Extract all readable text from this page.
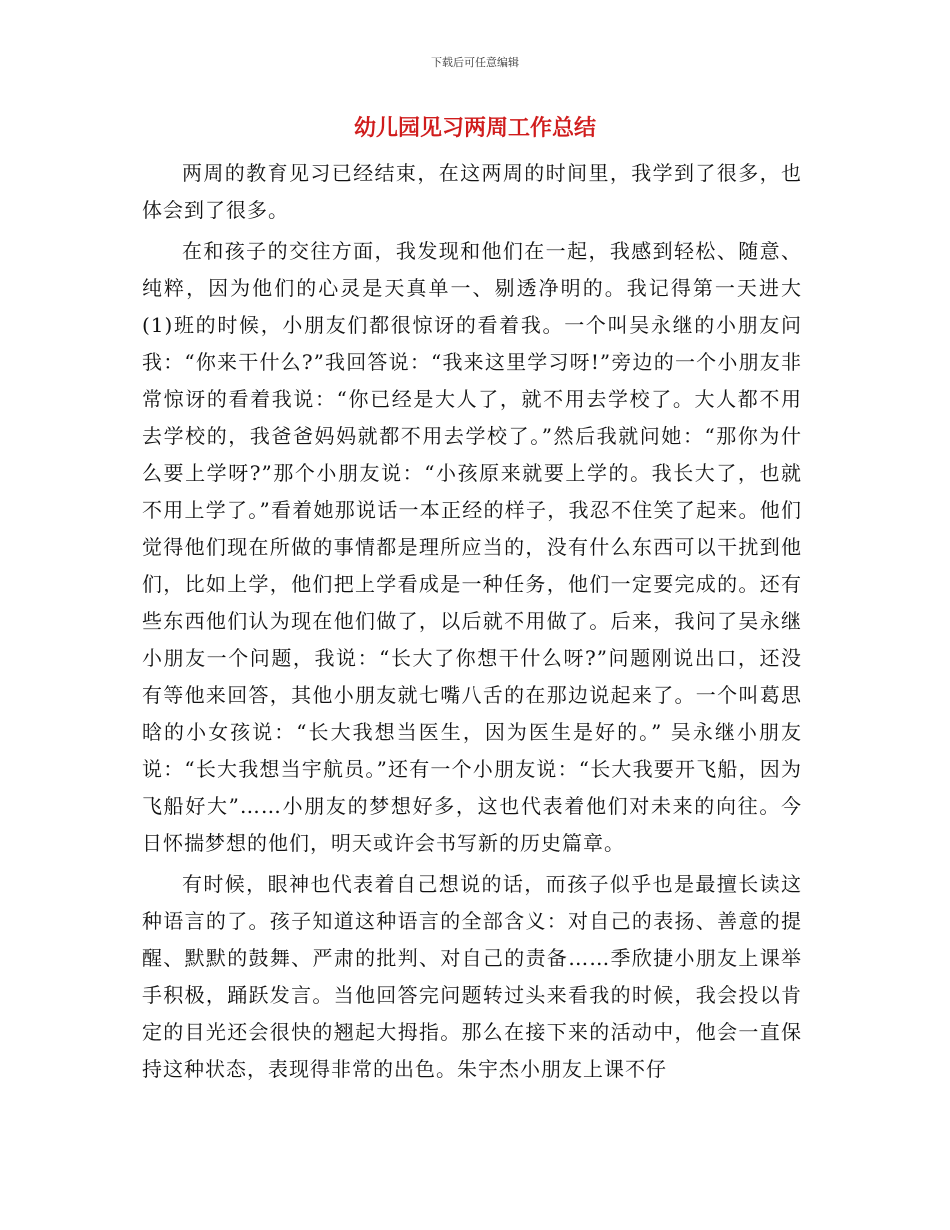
下载后可任意编辑
幼儿园见习两周工作总结

两周的教育见习已经结束，在这两周的时间里，我学到了很多，也体会到了很多。

在和孩子的交往方面，我发现和他们在一起，我感到轻松、随意、纯粹，因为他们的心灵是天真单一、剔透净明的。我记得第一天进大(1)班的时候，小朋友们都很惊讶的看着我。一个叫吴永继的小朋友问我：“你来干什么?”我回答说：“我来这里学习呀!”旁边的一个小朋友非常惊讶的看着我说：“你已经是大人了，就不用去学校了。大人都不用去学校的，我爸爸妈妈就都不用去学校了。”然后我就问她：“那你为什么要上学呀?”那个小朋友说：“小孩原来就要上学的。我长大了，也就不用上学了。”看着她那说话一本正经的样子，我忍不住笑了起来。他们觉得他们现在所做的事情都是理所应当的，没有什么东西可以干扰到他们，比如上学，他们把上学看成是一种任务，他们一定要完成的。还有些东西他们认为现在他们做了，以后就不用做了。后来，我问了吴永继小朋友一个问题，我说：“长大了你想干什么呀?”问题刚说出口，还没有等他来回答，其他小朋友就七嘴八舌的在那边说起来了。一个叫葛思晗的小女孩说：“长大我想当医生，因为医生是好的。” 吴永继小朋友说：“长大我想当宇航员。”还有一个小朋友说：“长大我要开飞船，因为飞船好大”……小朋友的梦想好多，这也代表着他们对未来的向往。今日怀揣梦想的他们，明天或许会书写新的历史篇章。

有时候，眼神也代表着自己想说的话，而孩子似乎也是最擅长读这种语言的了。孩子知道这种语言的全部含义：对自己的表扬、善意的提醒、默默的鼓舞、严肃的批判、对自己的责备……季欣捷小朋友上课举手积极，踊跃发言。当他回答完问题转过头来看我的时候，我会投以肯定的目光还会很快的翘起大拇指。那么在接下来的活动中，他会一直保持这种状态，表现得非常的出色。朱宇杰小朋友上课不仔
